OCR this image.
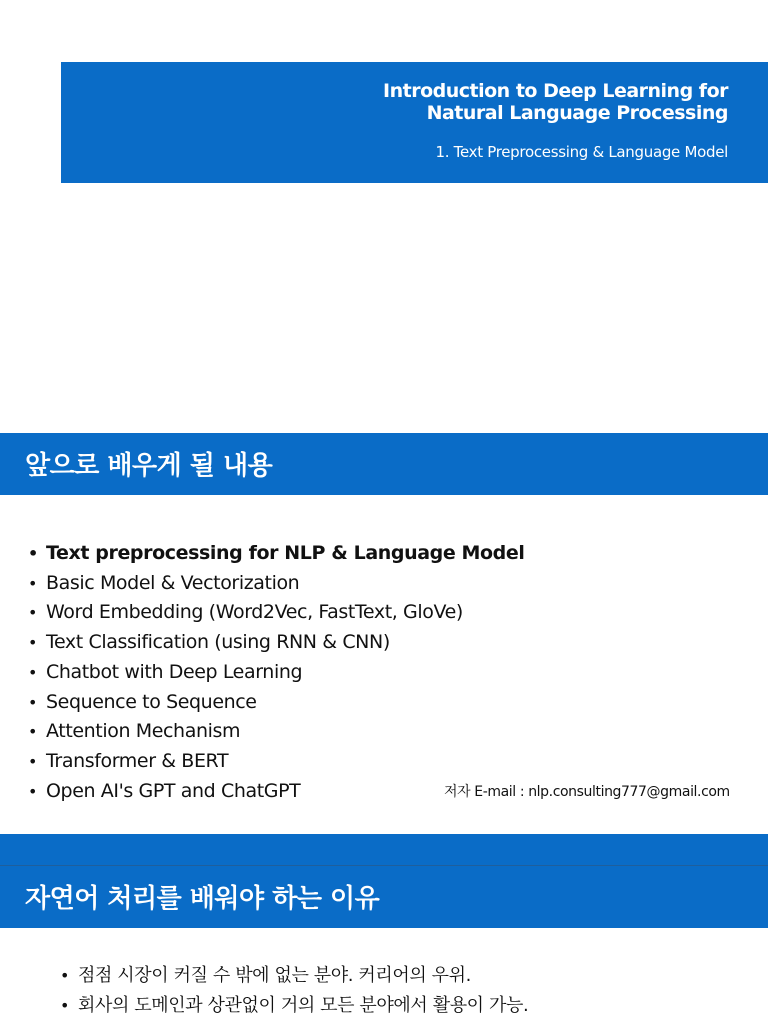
Introduction to Deep Learning for
Natural Language Processing
1. Text Preprocessing & Language Model
앞으로 배우게 될 내용
• Text preprocessing for NLP & Language Model
• Basic Model & Vectorization
• Word Embedding (Word2Vec, FastText, GloVe)
• Text Classification (using RNN & CNN)
• Chatbot with Deep Learning
• Sequence to Sequence
• Attention Mechanism
• Transformer & BERT
• Open AI's GPT and ChatGPT	저자 E-mail : nlp.consulting777@gmail.com
자연어 처리를 배워야 하는 이유
• 점점 시장이 커질 수 밖에 없는 분야. 커리어의 우위.
• 회사의 도메인과 상관없이 거의 모든 분야에서 활용이 가능.
